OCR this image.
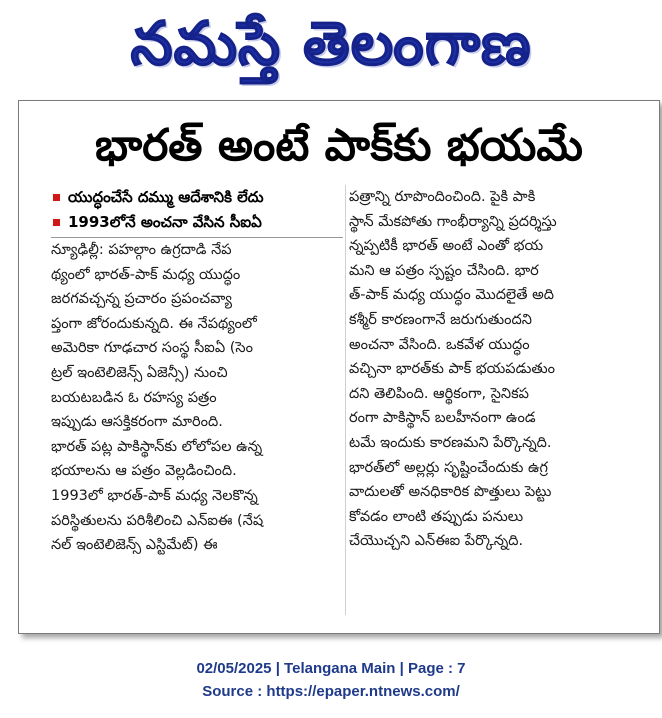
నమస్తే తెలంగాణ
భారత్ అంటే పాక్‌కు భయమే
యుద్ధంచేసే దమ్ము ఆదేశానికి లేదు
1993లోనే అంచనా వేసిన సీఐఏ

న్యూఢిల్లీ: పహల్గాం ఉగ్రదాడి నేప
థ్యంలో భారత్-పాక్ మధ్య యుద్ధం
జరగవచ్చన్న ప్రచారం ప్రపంచవ్యా
ప్తంగా జోరందుకున్నది. ఈ నేపథ్యంలో
అమెరికా గూఢచార సంస్థ సీఐఏ (సెం
ట్రల్ ఇంటెలిజెన్స్ ఏజెన్సీ) నుంచి
బయటబడిన ఓ రహస్య పత్రం
ఇప్పుడు ఆసక్తికరంగా మారింది.
భారత్ పట్ల పాకిస్థాన్‌కు లోలోపల ఉన్న
భయాలను ఆ పత్రం వెల్లడించింది.
1993లో భారత్-పాక్ మధ్య నెలకొన్న
పరిస్థితులను పరిశీలించి ఎన్‌ఐఈ (నేష
నల్ ఇంటెలిజెన్స్ ఎస్టిమేట్) ఈ

పత్రాన్ని రూపొందించింది. పైకి పాకి
స్థాన్ మేకపోతు గాంభీర్యాన్ని ప్రదర్శిస్తు
న్నప్పటికీ భారత్ అంటే ఎంతో భయ
మని ఆ పత్రం స్పష్టం చేసింది. భార
త్-పాక్ మధ్య యుద్ధం మొదలైతే అది
కశ్మీర్ కారణంగానే జరుగుతుందని
అంచనా వేసింది. ఒకవేళ యుద్ధం
వచ్చినా భారత్‌కు పాక్ భయపడుతుం
దని తెలిపింది. ఆర్థికంగా, సైనికప
రంగా పాకిస్థాన్ బలహీనంగా ఉండ
టమే ఇందుకు కారణమని పేర్కొన్నది.
భారత్‌లో అల్లర్లు సృష్టించేందుకు ఉగ్ర
వాదులతో అనధికారిక పొత్తులు పెట్టు
కోవడం లాంటి తప్పుడు పనులు
చేయొచ్చని ఎన్‌ఈఐ పేర్కొన్నది.

02/05/2025 | Telangana Main | Page : 7
Source : https://epaper.ntnews.com/
